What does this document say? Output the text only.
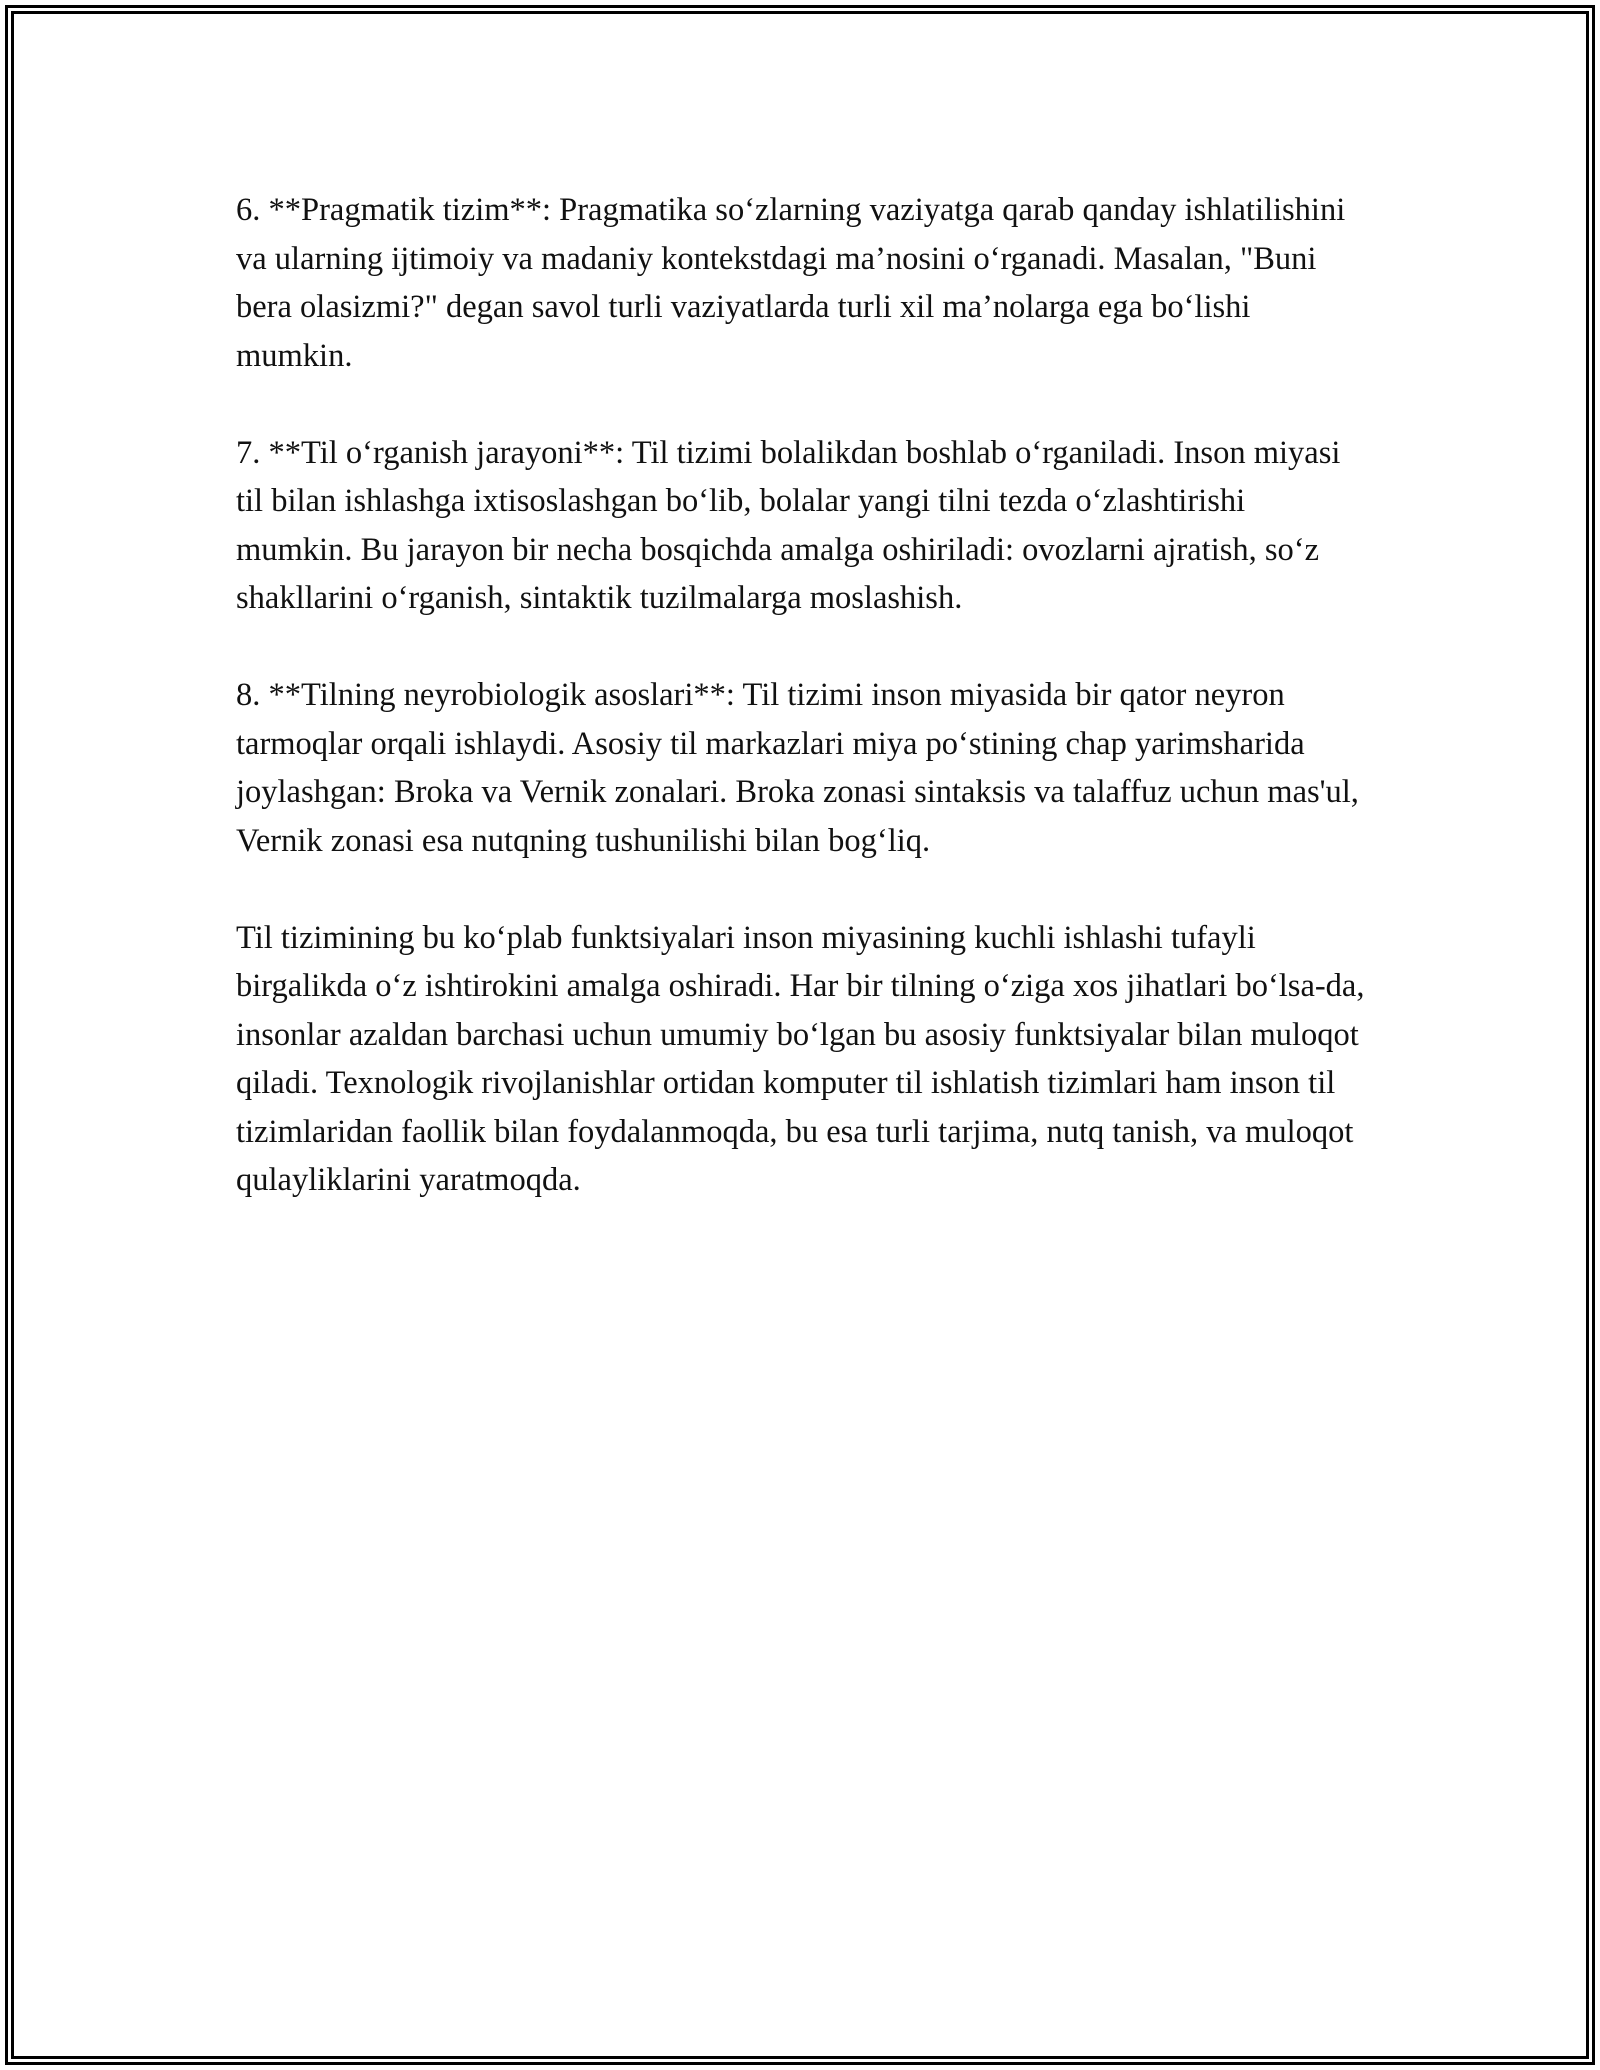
6. **Pragmatik tizim**: Pragmatika so‘zlarning vaziyatga qarab qanday ishlatilishini va ularning ijtimoiy va madaniy kontekstdagi ma’nosini o‘rganadi. Masalan, "Buni bera olasizmi?" degan savol turli vaziyatlarda turli xil ma’nolarga ega bo‘lishi mumkin.

7. **Til o‘rganish jarayoni**: Til tizimi bolalikdan boshlab o‘rganiladi. Inson miyasi til bilan ishlashga ixtisoslashgan bo‘lib, bolalar yangi tilni tezda o‘zlashtirishi mumkin. Bu jarayon bir necha bosqichda amalga oshiriladi: ovozlarni ajratish, so‘z shakllarini o‘rganish, sintaktik tuzilmalarga moslashish.

8. **Tilning neyrobiologik asoslari**: Til tizimi inson miyasida bir qator neyron tarmoqlar orqali ishlaydi. Asosiy til markazlari miya po‘stining chap yarimsharida joylashgan: Broka va Vernik zonalari. Broka zonasi sintaksis va talaffuz uchun mas'ul, Vernik zonasi esa nutqning tushunilishi bilan bog‘liq.

Til tizimining bu ko‘plab funktsiyalari inson miyasining kuchli ishlashi tufayli birgalikda o‘z ishtirokini amalga oshiradi. Har bir tilning o‘ziga xos jihatlari bo‘lsa-da, insonlar azaldan barchasi uchun umumiy bo‘lgan bu asosiy funktsiyalar bilan muloqot qiladi. Texnologik rivojlanishlar ortidan komputer til ishlatish tizimlari ham inson til tizimlaridan faollik bilan foydalanmoqda, bu esa turli tarjima, nutq tanish, va muloqot qulayliklarini yaratmoqda.
